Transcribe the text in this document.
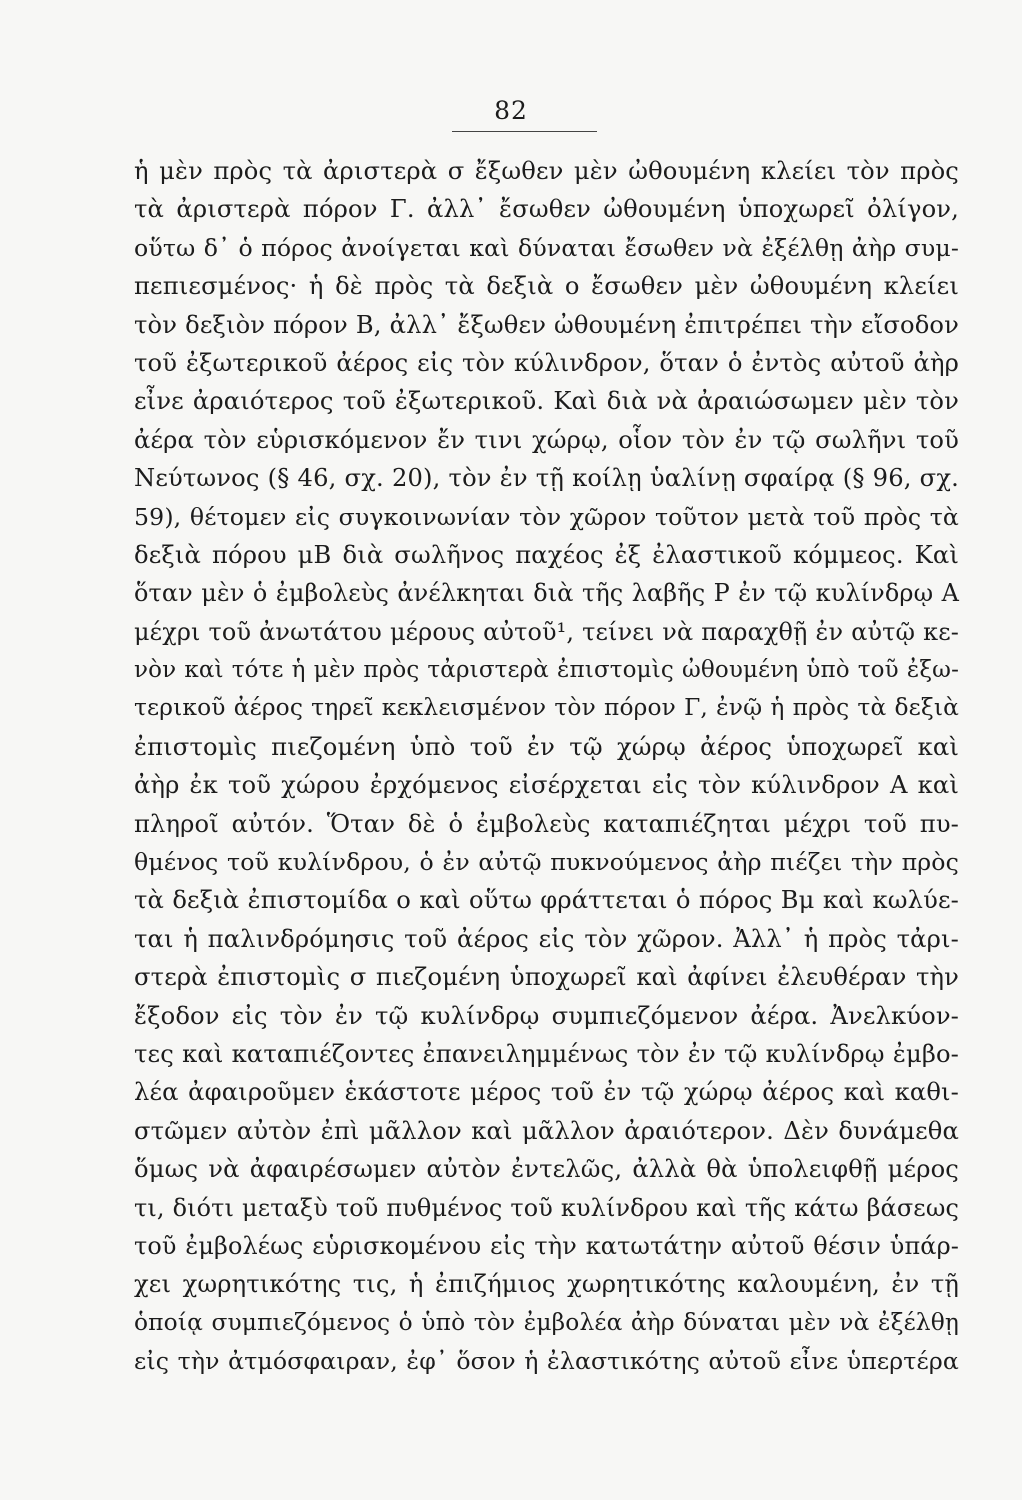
82
ἡ μὲν πρὸς τὰ ἀριστερὰ σ ἔξωθεν μὲν ὠθουμένη κλείει τὸν πρὸς
τὰ ἀριστερὰ πόρον Γ. ἀλλ᾽ ἔσωθεν ὠθουμένη ὑποχωρεῖ ὀλίγον,
οὕτω δ᾽ ὁ πόρος ἀνοίγεται καὶ δύναται ἔσωθεν νὰ ἐξέλθῃ ἀὴρ συμ-
πεπιεσμένος· ἡ δὲ πρὸς τὰ δεξιὰ ο ἔσωθεν μὲν ὠθουμένη κλείει
τὸν δεξιὸν πόρον Β, ἀλλ᾽ ἔξωθεν ὠθουμένη ἐπιτρέπει τὴν εἴσοδον
τοῦ ἐξωτερικοῦ ἀέρος εἰς τὸν κύλινδρον, ὅταν ὁ ἐντὸς αὐτοῦ ἀὴρ
εἶνε ἀραιότερος τοῦ ἐξωτερικοῦ. Καὶ διὰ νὰ ἀραιώσωμεν μὲν τὸν
ἀέρα τὸν εὑρισκόμενον ἔν τινι χώρῳ, οἷον τὸν ἐν τῷ σωλῆνι τοῦ
Νεύτωνος (§ 46, σχ. 20), τὸν ἐν τῇ κοίλῃ ὑαλίνῃ σφαίρᾳ (§ 96, σχ.
59), θέτομεν εἰς συγκοινωνίαν τὸν χῶρον τοῦτον μετὰ τοῦ πρὸς τὰ
δεξιὰ πόρου μΒ διὰ σωλῆνος παχέος ἐξ ἐλαστικοῦ κόμμεος. Καὶ
ὅταν μὲν ὁ ἐμβολεὺς ἀνέλκηται διὰ τῆς λαβῆς Ρ ἐν τῷ κυλίνδρῳ Α
μέχρι τοῦ ἀνωτάτου μέρους αὐτοῦ¹, τείνει νὰ παραχθῇ ἐν αὐτῷ κε-
νὸν καὶ τότε ἡ μὲν πρὸς τἀριστερὰ ἐπιστομὶς ὠθουμένη ὑπὸ τοῦ ἐξω-
τερικοῦ ἀέρος τηρεῖ κεκλεισμένον τὸν πόρον Γ, ἐνῷ ἡ πρὸς τὰ δεξιὰ
ἐπιστομὶς πιεζομένη ὑπὸ τοῦ ἐν τῷ χώρῳ ἀέρος ὑποχωρεῖ καὶ
ἀὴρ ἐκ τοῦ χώρου ἐρχόμενος εἰσέρχεται εἰς τὸν κύλινδρον Α καὶ
πληροῖ αὐτόν. Ὅταν δὲ ὁ ἐμβολεὺς καταπιέζηται μέχρι τοῦ πυ-
θμένος τοῦ κυλίνδρου, ὁ ἐν αὐτῷ πυκνούμενος ἀὴρ πιέζει τὴν πρὸς
τὰ δεξιὰ ἐπιστομίδα ο καὶ οὕτω φράττεται ὁ πόρος Βμ καὶ κωλύε-
ται ἡ παλινδρόμησις τοῦ ἀέρος εἰς τὸν χῶρον. Ἀλλ᾽ ἡ πρὸς τἀρι-
στερὰ ἐπιστομὶς σ πιεζομένη ὑποχωρεῖ καὶ ἀφίνει ἐλευθέραν τὴν
ἔξοδον εἰς τὸν ἐν τῷ κυλίνδρῳ συμπιεζόμενον ἀέρα. Ἀνελκύον-
τες καὶ καταπιέζοντες ἐπανειλημμένως τὸν ἐν τῷ κυλίνδρῳ ἐμβο-
λέα ἀφαιροῦμεν ἑκάστοτε μέρος τοῦ ἐν τῷ χώρῳ ἀέρος καὶ καθι-
στῶμεν αὐτὸν ἐπὶ μᾶλλον καὶ μᾶλλον ἀραιότερον. Δὲν δυνάμεθα
ὅμως νὰ ἀφαιρέσωμεν αὐτὸν ἐντελῶς, ἀλλὰ θὰ ὑπολειφθῇ μέρος
τι, διότι μεταξὺ τοῦ πυθμένος τοῦ κυλίνδρου καὶ τῆς κάτω βάσεως
τοῦ ἐμβολέως εὑρισκομένου εἰς τὴν κατωτάτην αὐτοῦ θέσιν ὑπάρ-
χει χωρητικότης τις, ἡ ἐπιζήμιος χωρητικότης καλουμένη, ἐν τῇ
ὁποίᾳ συμπιεζόμενος ὁ ὑπὸ τὸν ἐμβολέα ἀὴρ δύναται μὲν νὰ ἐξέλθῃ
εἰς τὴν ἀτμόσφαιραν, ἐφ᾽ ὅσον ἡ ἐλαστικότης αὐτοῦ εἶνε ὑπερτέρα
